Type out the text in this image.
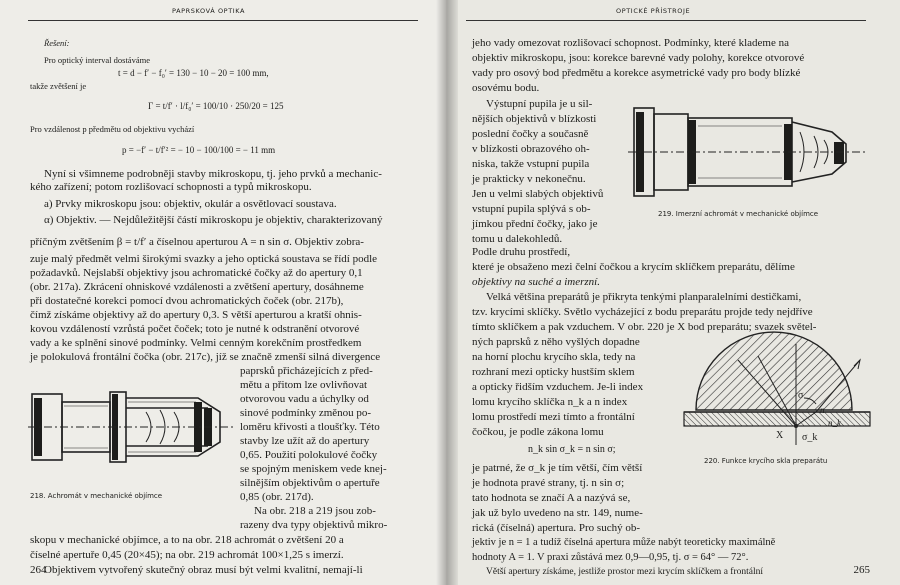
PAPRSKOVÁ OPTIKA
Řešení:
Pro optický interval dostáváme
t = d − f′ − f₀′ = 130 − 10 − 20 = 100 mm,
takže zvětšení je
Γ = t/f′ · l/f₀′ = 100/10 · 250/20 = 125
Pro vzdálenost p předmětu od objektivu vychází
p = −f′ − t/f′² = − 10 − 100/100 = − 11 mm
Nyní si všimneme podrobněji stavby mikroskopu, tj. jeho prvků a mechanic-
kého zařízení; potom rozlišovací schopnosti a typů mikroskopu.
a) Prvky mikroskopu jsou: objektiv, okulár a osvětlovací soustava.
α) Objektiv. — Nejdůležitější částí mikroskopu je objektiv, charakterizovaný
příčným zvětšením β = t/f′ a číselnou aperturou A = n sin σ. Objektiv zobra-
zuje malý předmět velmi širokými svazky a jeho optická soustava se řídí podle
požadavků. Nejslabší objektivy jsou achromatické čočky až do apertury 0,1
(obr. 217a). Zkrácení ohniskové vzdálenosti a zvětšení apertury, dosáhneme
při dostatečné korekci pomocí dvou achromatických čoček (obr. 217b),
čímž získáme objektivy až do apertury 0,3. S větší aperturou a kratší ohnis-
kovou vzdáleností vzrůstá počet čoček; toto je nutné k odstranění otvorové
vady a ke splnění sinové podmínky. Velmi cenným korekčním prostředkem
je polokulová frontální čočka (obr. 217c), jíž se značně zmenší silná divergence
218. Achromát v mechanické objímce
paprsků přicházejících z před-
mětu a přitom lze ovlivňovat
otvorovou vadu a úchylky od
sinové podmínky změnou po-
loměru křivosti a tloušťky. Této
stavby lze užít až do apertury
0,65. Použití polokulové čočky
se spojným meniskem vede knej-
silnějším objektivům o apertuře
0,85 (obr. 217d).
Na obr. 218 a 219 jsou zob-
razeny dva typy objektivů mikro-
skopu v mechanické objímce, a to na obr. 218 achromát o zvětšení 20 a
číselné apertuře 0,45 (20×45); na obr. 219 achromát 100×1,25 s imerzí.
Objektivem vytvořený skutečný obraz musí být velmi kvalitní, nemají-li
264
OPTICKÉ PŘÍSTROJE
jeho vady omezovat rozlišovací schopnost. Podmínky, které klademe na
objektiv mikroskopu, jsou: korekce barevné vady polohy, korekce otvorové
vady pro osový bod předmětu a korekce asymetrické vady pro body blízké
osovému bodu.
Výstupní pupila je u sil-
nějších objektivů v blízkosti
poslední čočky a současně
v blízkosti obrazového oh-
niska, takže vstupní pupila
je prakticky v nekonečnu.
Jen u velmi slabých objektivů
vstupní pupila splývá s ob-
jímkou přední čočky, jako je
tomu u dalekohledů.
219. Imerzní achromát v mechanické objímce
Podle druhu prostředí,
které je obsaženo mezi čelní čočkou a krycím sklíčkem preparátu, dělíme
objektivy na suché a imerzní.
Velká většina preparátů je přikryta tenkými planparalelními destičkami,
tzv. krycími sklíčky. Světlo vycházející z bodu preparátu projde tedy nejdříve
tímto sklíčkem a pak vzduchem. V obr. 220 je X bod preparátu; svazek světel-
ných paprsků z něho vyšlých dopadne
na horní plochu krycího skla, tedy na
rozhraní mezi opticky hustším sklem
a opticky řidším vzduchem. Je-li index
lomu krycího sklíčka n_k a n index
lomu prostředí mezi tímto a frontální
čočkou, je podle zákona lomu
n_k sin σ_k = n sin σ;
je patrné, že σ_k je tím větší, čím větší
je hodnota pravé strany, tj. n sin σ;
tato hodnota se značí A a nazývá se,
jak už bylo uvedeno na str. 149, nume-
rická (číselná) apertura. Pro suchý ob-
σ
n
n_k
X σ_k
220. Funkce krycího skla preparátu
jektiv je n = 1 a tudíž číselná apertura může nabýt teoreticky maximálně
265
hodnoty A = 1. V praxi zůstává mez 0,9—0,95, tj. σ = 64° — 72°.
Větší apertury získáme, jestliže prostor mezi krycím sklíčkem a frontální
